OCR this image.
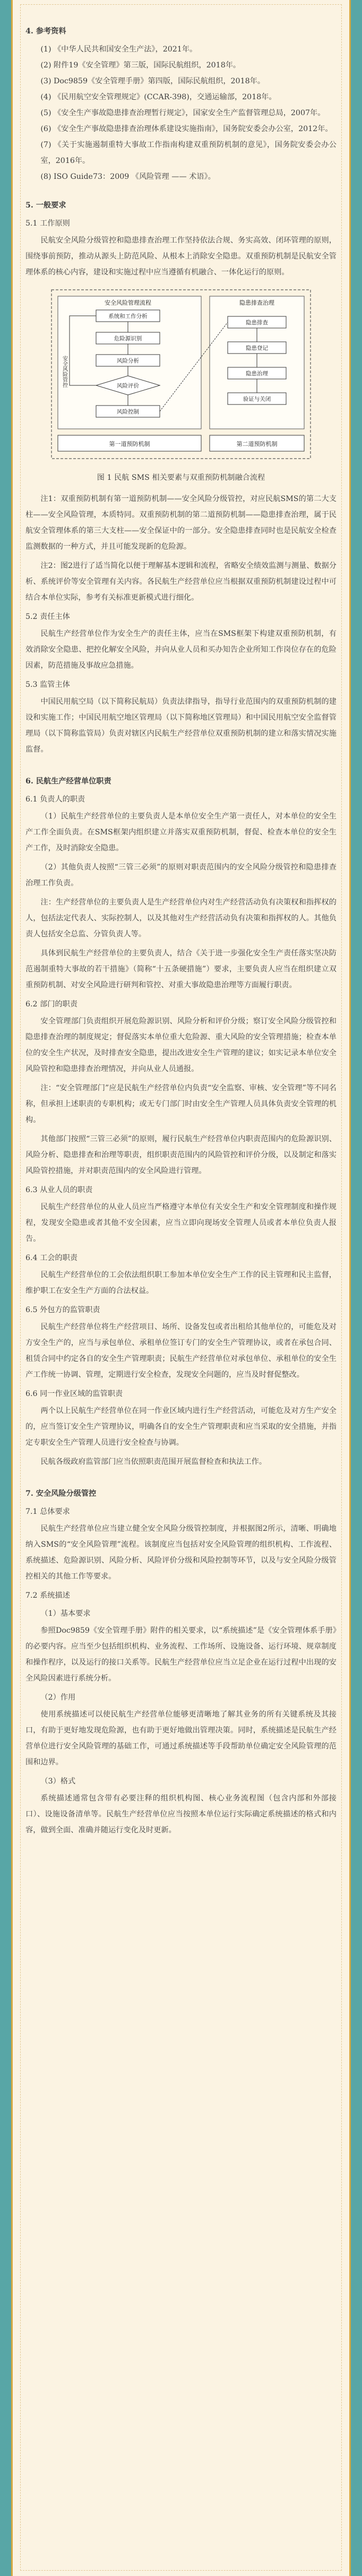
4. 参考资料

(1) 《中华人民共和国安全生产法》，2021年。

(2) 附件19《安全管理》第三版，国际民航组织，2018年。

(3) Doc9859《安全管理手册》第四版，国际民航组织，2018年。

(4) 《民用航空安全管理规定》(CCAR-398)，交通运输部，2018年。

(5) 《安全生产事故隐患排查治理暂行规定》，国家安全生产监督管理总局，2007年。

(6) 《安全生产事故隐患排查治理体系建设实施指南》，国务院安委会办公室，2012年。

(7) 《关于实施遏制重特大事故工作指南构建双重预防机制的意见》，国务院安委会办公室，2016年。

(8) ISO Guide73：2009 《风险管理 —— 术语》。

5. 一般要求
5.1 工作原则

民航安全风险分级管控和隐患排查治理工作坚持依法合规、务实高效、闭环管理的原则，围绕事前预防，推动从源头上防范风险、从根本上消除安全隐患。双重预防机制是民航安全管理体系的核心内容，建设和实施过程中应当遵循有机融合、一体化运行的原则。

安全风险管理流程
系统和工作分析
危险源识别
风险分析
风险评价
风险控制
安全风险管控
隐患排查治理
隐患排查
隐患登记
隐患治理
验证与关闭
第一道预防机制	第二道预防机制
图 1 民航 SMS 相关要素与双重预防机制融合流程

注1：双重预防机制有第一道预防机制——安全风险分级管控，对应民航SMS的第二大支柱——安全风险管理，本质特同。双重预防机制的第二道预防机制——隐患排查治理，属于民航安全管理体系的第三大支柱——安全保证中的一部分。安全隐患排查同时也是民航安全检查监测数据的一种方式，并且可能发现新的危险源。

注2：图2进行了适当简化以便于理解基本逻辑和流程，省略安全绩效监测与测量、数据分析、系统评价等安全管理有关内容。各民航生产经营单位应当根据双重预防机制建设过程中可结合本单位实际，参考有关标准更新模式进行细化。

5.2 责任主体

民航生产经营单位作为安全生产的责任主体，应当在SMS框架下构建双重预防机制，有效消除安全隐患、把控化解安全风险，并向从业人员和买办知告企业所知工作岗位存在的危险因素，防范措施及事故应急措施。

5.3 监管主体

中国民用航空局（以下简称民航局）负责法律指导，指导行业范围内的双重预防机制的建设和实施工作；中国民用航空地区管理局（以下简称地区管理局）和中国民用航空安全监督管理局（以下简称监管局）负责对辖区内民航生产经营单位双重预防机制的建立和落实情况实施监督。

6. 民航生产经营单位职责
6.1 负责人的职责

（1）民航生产经营单位的主要负责人是本单位安全生产第一责任人，对本单位的安全生产工作全面负责。在SMS框架内组织建立并落实双重预防机制，督促、检查本单位的安全生产工作，及时消除安全隐患。

（2）其他负责人按照“三管三必须”的原则对职责范围内的安全风险分级管控和隐患排查治理工作负责。

注：生产经营单位的主要负责人是生产经营单位内对生产经营活动负有决策权和指挥权的人，包括法定代表人、实际控制人，以及其他对生产经营活动负有决策和指挥权的人。其他负责人包括安全总监、分管负责人等。

具体到民航生产经营单位的主要负责人，结合《关于进一步强化安全生产责任落实坚决防范遏制重特大事故的若干措施》（简称“十五条硬措施”）要求，主要负责人应当在组织建立双重预防机制、对安全风险进行研判和管控、对重大事故隐患治理等方面履行职责。

6.2 部门的职责

安全管理部门负责组织开展危险源识别、风险分析和评价分级；察订安全风险分级管控和隐患排查治理的制度规定；督促落实本单位重大危险源、重大风险的安全管理措施；检查本单位的安全生产状况，及时排查安全隐患，提出改进安全生产管理的建议；如实记录本单位安全风险管控和隐患排查治理情况，并向从业人员通报。

注：“安全管理部门”应是民航生产经营单位内负责“安全监察、审核、安全管理”等不同名称，但承担上述职责的专职机构；或无专门部门时由安全生产管理人员具体负责安全管理的机构。

其他部门按照“三管三必须”的原则，履行民航生产经营单位内职责范围内的危险源识别、风险分析、隐患排查和治理等职责，组织职责范围内的风险管控和评价分级，以及制定和落实风险管控措施，并对职责范围内的安全风险进行管理。

6.3 从业人员的职责

民航生产经营单位的从业人员应当严格遵守本单位有关安全生产和安全管理制度和操作规程，发现安全隐患或者其他不安全因素，应当立即向现场安全管理人员或者本单位负责人报告。

6.4 工会的职责

民航生产经营单位的工会依法组织职工参加本单位安全生产工作的民主管理和民主监督，维护职工在安全生产方面的合法权益。

6.5 外包方的监管职责

民航生产经营单位将生产经营项目、场所、设备发包或者出租给其他单位的，可能危及对方安全生产的，应当与承包单位、承租单位签订专门的安全生产管理协议，或者在承包合同、租赁合同中约定各自的安全生产管理职责；民航生产经营单位对承包单位、承租单位的安全生产工作统一协调、管理，定期进行安全检查，发现安全问题的，应当及时督促整改。

6.6 同一作业区域的监管职责

两个以上民航生产经营单位在同一作业区域内进行生产经营活动，可能危及对方生产安全的，应当签订安全生产管理协议，明确各自的安全生产管理职责和应当采取的安全措施，并指定专职安全生产管理人员进行安全检查与协调。

民航各级政府监管部门应当依照职责范围开展监督检查和执法工作。

7. 安全风险分级管控
7.1 总体要求

民航生产经营单位应当建立健全安全风险分级管控制度，并根据图2所示，清晰、明确地纳入SMS的“安全风险管理”流程。该制度应当包括对安全风险管理的组织机构、工作流程、系统描述、危险源识别、风险分析、风险评价分级和风险控制等环节，以及与安全风险分级管控相关的其他工作等要求。

7.2 系统描述
（1）基本要求

参照Doc9859《安全管理手册》附件的相关要求，以“系统描述”是《安全管理体系手册》的必要内容。应当至少包括组织机构、业务流程、工作场所、设施设备、运行环境、规章制度和操作程序，以及运行的接口关系等。民航生产经营单位应当立足企业在运行过程中出现的安全风险因素进行系统分析。

（2）作用

使用系统描述可以使民航生产经营单位能够更清晰地了解其业务的所有关键系统及其接口，有助于更好地发现危险源，也有助于更好地做出管理决策。同时，系统描述是民航生产经营单位进行安全风险管理的基础工作，可通过系统描述等手段帮助单位确定安全风险管理的范围和边界。

（3）格式

系统描述通常包含带有必要注释的组织机构图、核心业务流程图（包含内部和外部接口）、设施设备清单等。民航生产经营单位应当按照本单位运行实际确定系统描述的格式和内容，做到全面、准确并随运行变化及时更新。
